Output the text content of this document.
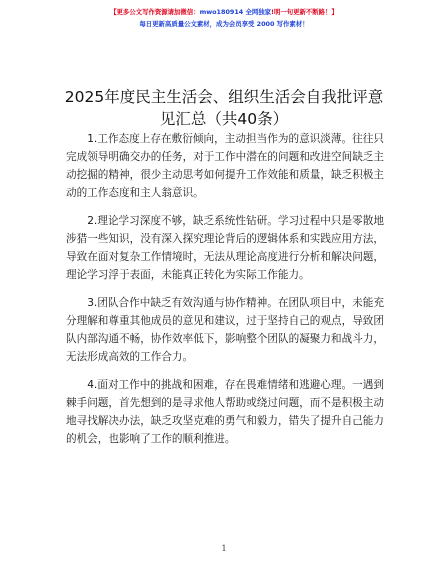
【更多公文写作资源请加微信：mwo180914 全网独家!明一句更新不断路！】
每日更新高质量公文素材，成为会员享受 2000 写作素材！
2025年度民主生活会、组织生活会自我批评意见汇总（共40条）

1.工作态度上存在敷衍倾向，主动担当作为的意识淡薄。往往只完成领导明确交办的任务，对于工作中潜在的问题和改进空间缺乏主动挖掘的精神，很少主动思考如何提升工作效能和质量，缺乏积极主动的工作态度和主人翁意识。

2.理论学习深度不够，缺乏系统性钻研。学习过程中只是零散地涉猎一些知识，没有深入探究理论背后的逻辑体系和实践应用方法，导致在面对复杂工作情境时，无法从理论高度进行分析和解决问题，理论学习浮于表面，未能真正转化为实际工作能力。

3.团队合作中缺乏有效沟通与协作精神。在团队项目中，未能充分理解和尊重其他成员的意见和建议，过于坚持自己的观点，导致团队内部沟通不畅，协作效率低下，影响整个团队的凝聚力和战斗力，无法形成高效的工作合力。

4.面对工作中的挑战和困难，存在畏难情绪和逃避心理。一遇到棘手问题，首先想到的是寻求他人帮助或绕过问题，而不是积极主动地寻找解决办法，缺乏攻坚克难的勇气和毅力，错失了提升自己能力的机会，也影响了工作的顺利推进。

1
